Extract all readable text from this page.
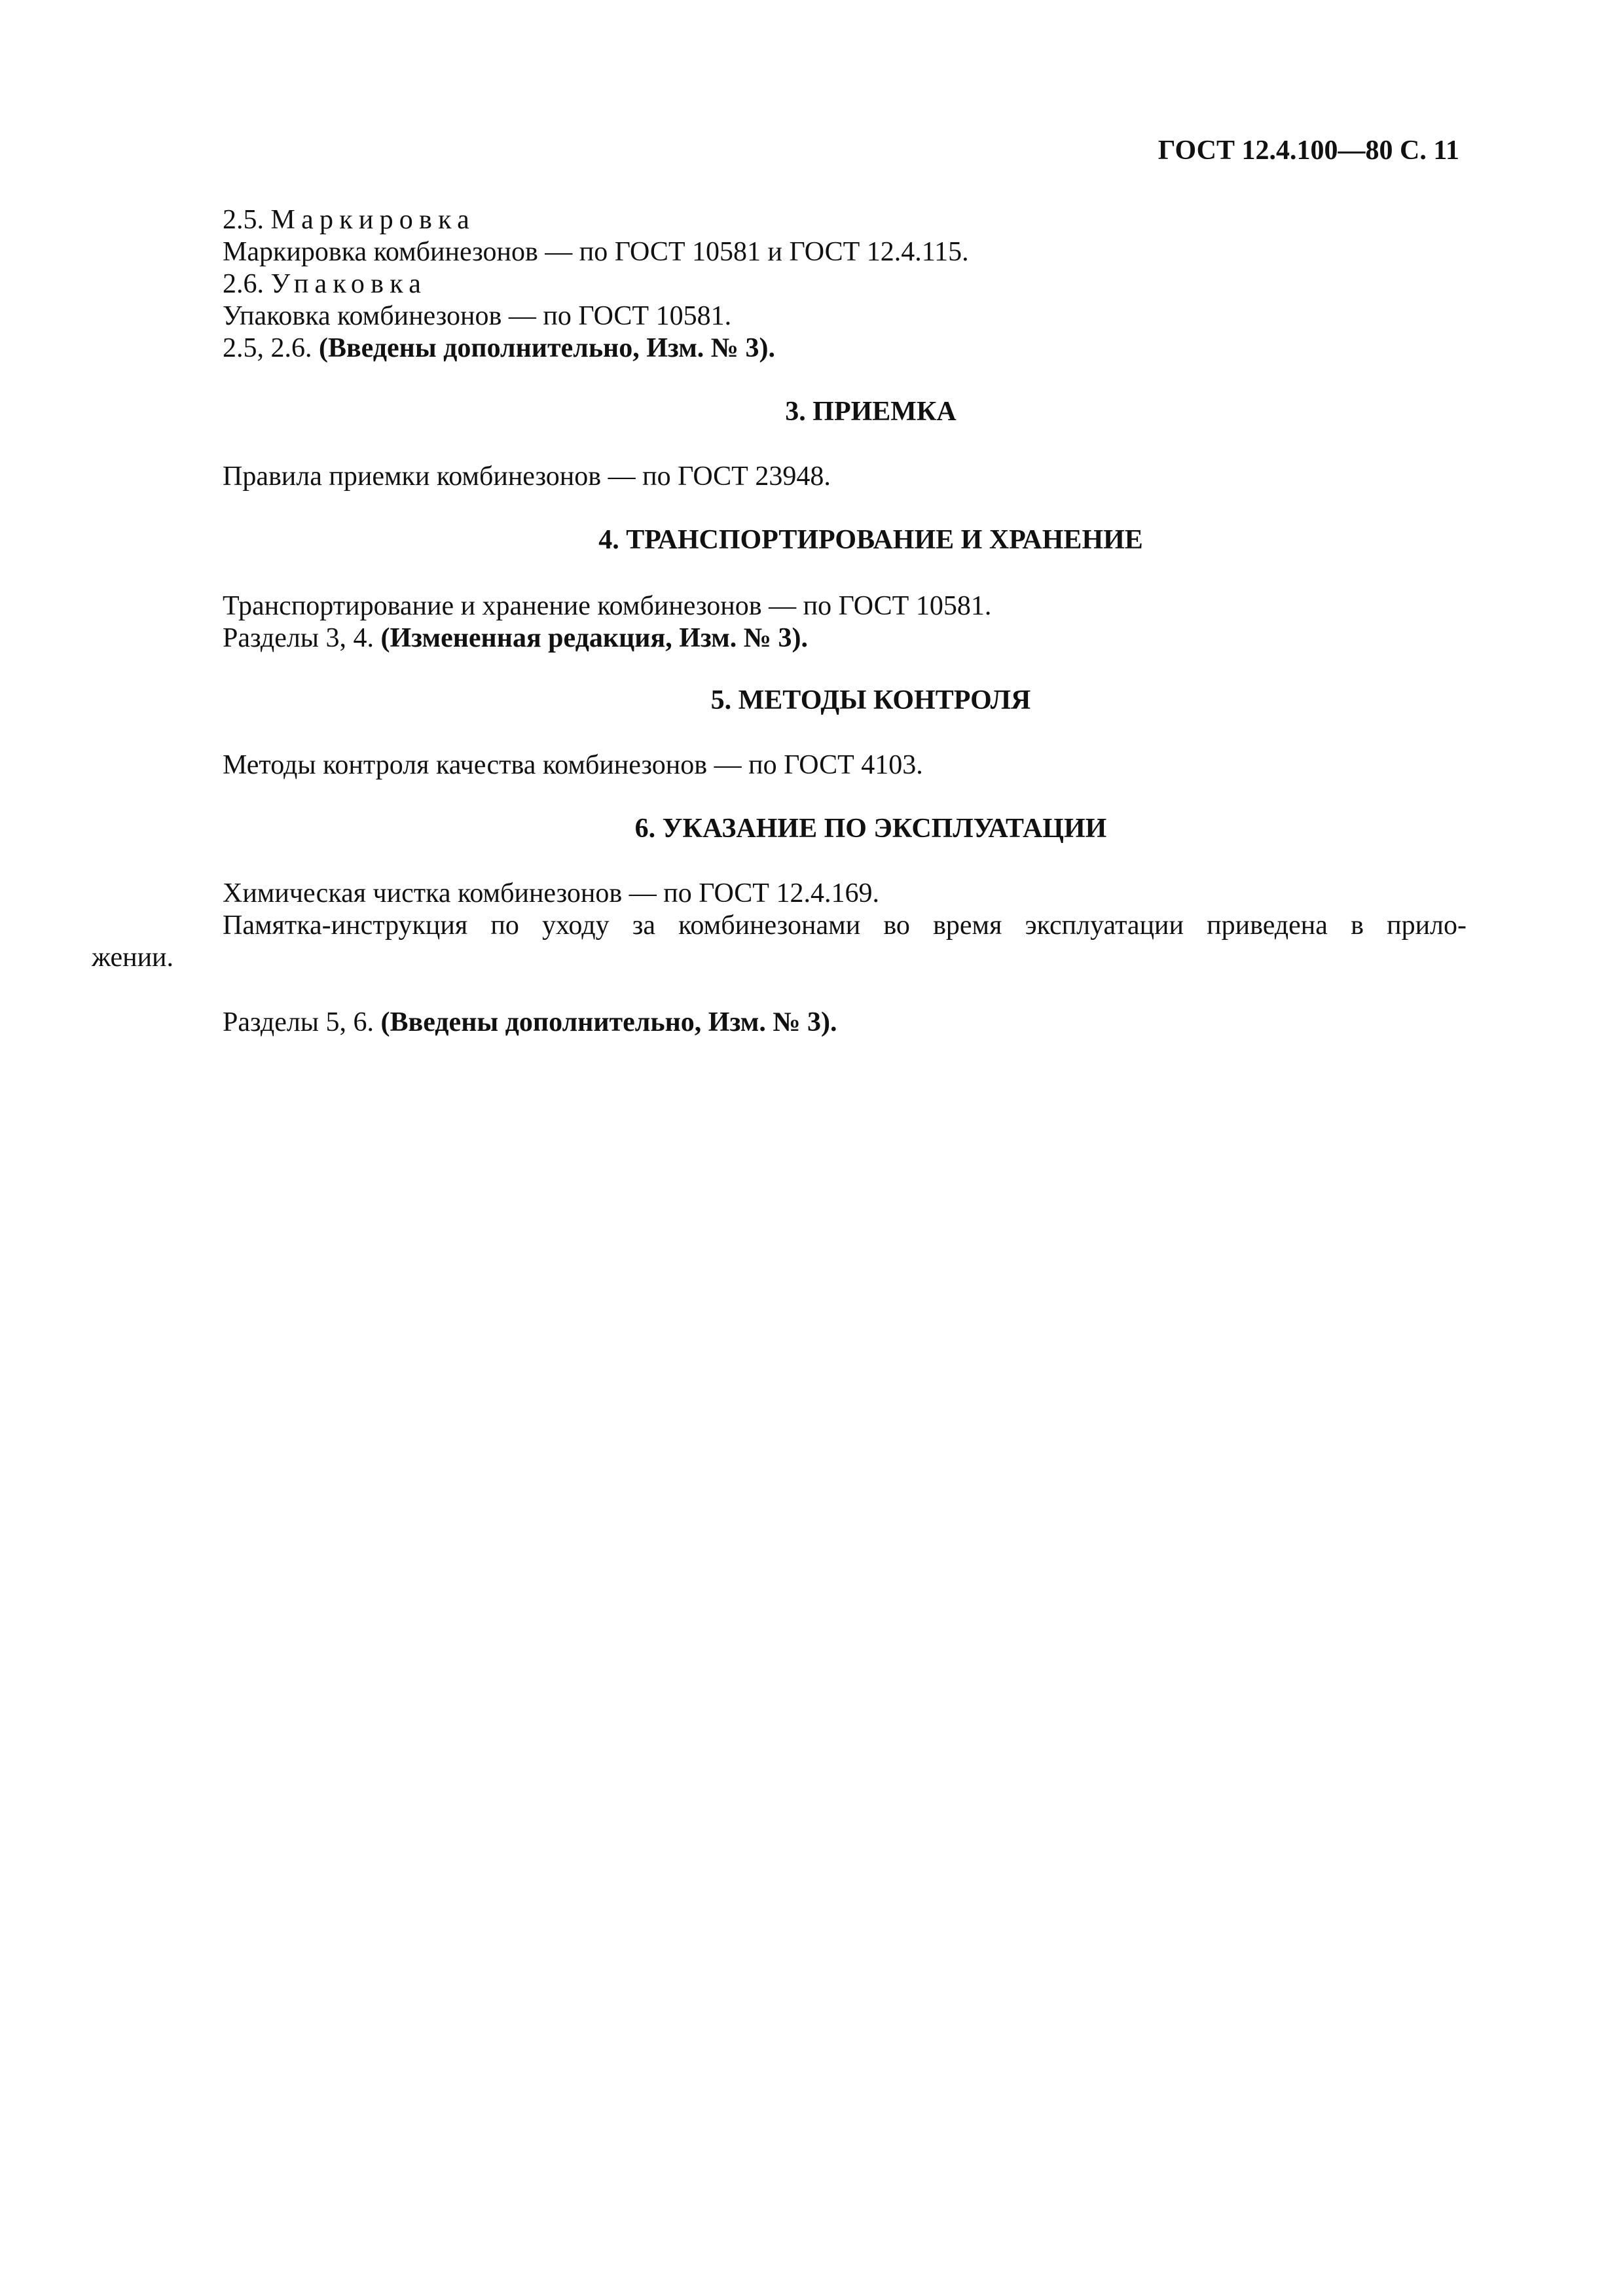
ГОСТ 12.4.100—80 С. 11

2.5. Маркировка

Маркировка комбинезонов — по ГОСТ 10581 и ГОСТ 12.4.115.

2.6. Упаковка

Упаковка комбинезонов — по ГОСТ 10581.

2.5, 2.6. (Введены дополнительно, Изм. № 3).

3. ПРИЕМКА

Правила приемки комбинезонов — по ГОСТ 23948.

4. ТРАНСПОРТИРОВАНИЕ И ХРАНЕНИЕ

Транспортирование и хранение комбинезонов — по ГОСТ 10581.

Разделы 3, 4. (Измененная редакция, Изм. № 3).

5. МЕТОДЫ КОНТРОЛЯ

Методы контроля качества комбинезонов — по ГОСТ 4103.

6. УКАЗАНИЕ ПО ЭКСПЛУАТАЦИИ

Химическая чистка комбинезонов — по ГОСТ 12.4.169.

Памятка-инструкция по уходу за комбинезонами во время эксплуатации приведена в прило-

жении.

Разделы 5, 6. (Введены дополнительно, Изм. № 3).
